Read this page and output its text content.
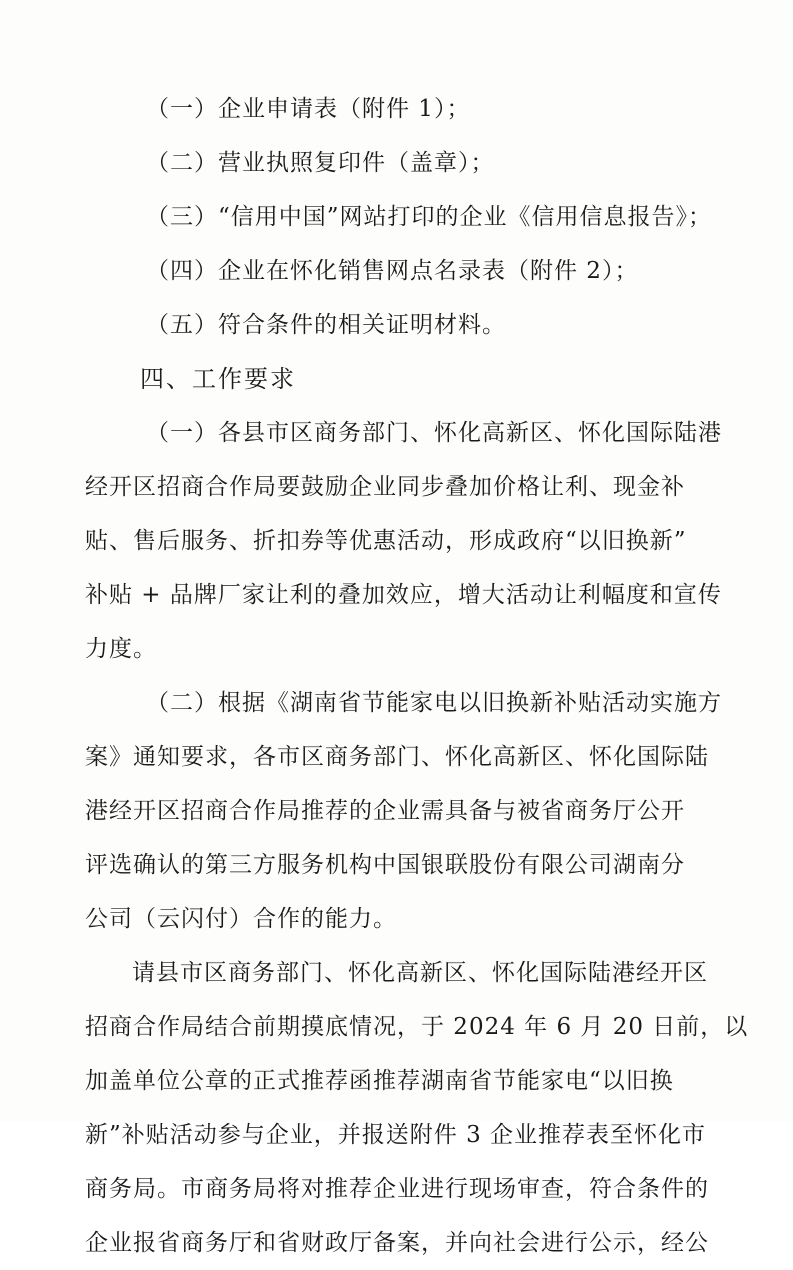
（一）企业申请表（附件 1）；
（二）营业执照复印件（盖章）；
（三）“信用中国”网站打印的企业《信用信息报告》；
（四）企业在怀化销售网点名录表（附件 2）；
（五）符合条件的相关证明材料。
四、工作要求
（一）各县市区商务部门、怀化高新区、怀化国际陆港
经开区招商合作局要鼓励企业同步叠加价格让利、现金补
贴、售后服务、折扣券等优惠活动，形成政府“以旧换新”
补贴 + 品牌厂家让利的叠加效应，增大活动让利幅度和宣传
力度。
（二）根据《湖南省节能家电以旧换新补贴活动实施方
案》通知要求，各市区商务部门、怀化高新区、怀化国际陆
港经开区招商合作局推荐的企业需具备与被省商务厅公开
评选确认的第三方服务机构中国银联股份有限公司湖南分
公司（云闪付）合作的能力。
请县市区商务部门、怀化高新区、怀化国际陆港经开区
招商合作局结合前期摸底情况，于 2024 年 6 月 20 日前，以
加盖单位公章的正式推荐函推荐湖南省节能家电“以旧换
新”补贴活动参与企业，并报送附件 3 企业推荐表至怀化市
商务局。市商务局将对推荐企业进行现场审查，符合条件的
企业报省商务厅和省财政厅备案，并向社会进行公示，经公
